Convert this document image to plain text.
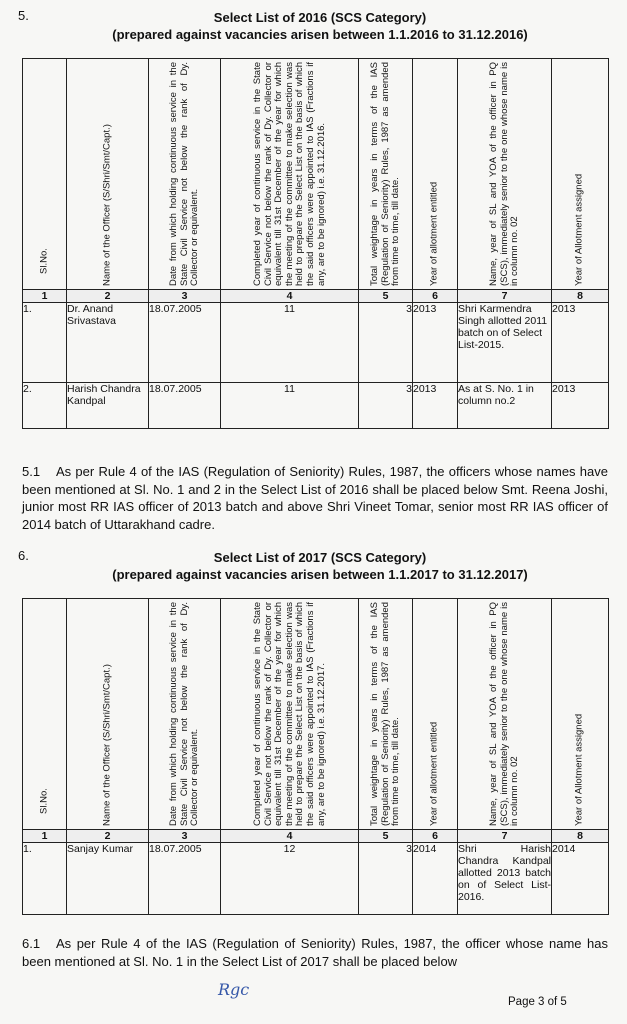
5.	Select List of 2016 (SCS Category)
(prepared against vacancies arisen between 1.1.2016 to 31.12.2016)
Sl.No.	Name of the Officer (S/Shri/Smt/Capt.)	Date from which holding continuous service in the State Civil Service not below the rank of Dy. Collector or equivalent.	Completed year of continuous service in the State Civil Service not below the rank of Dy. Collector or equivalent till 31st December of the year for which the meeting of the committee to make selection was held to prepare the Select List on the basis of which the said officers were appointed to IAS (Fractions if any, are to be ignored) i.e. 31.12.2016.	Total weightage in years in terms of the IAS (Regulation of Seniority) Rules, 1987 as amended from time to time, till date.	Year of allotment entitled	Name, year of SL and YOA of the officer in PQ (SCS), immediately senior to the one whose name is in column no. 02	Year of Allotment assigned

1	2	3	4	5	6	7	8
1.	Dr. Anand Srivastava	18.07.2005	11	3	2013	Shri Karmendra Singh allotted 2011 batch on of Select List-2015.	2013
2.	Harish Chandra Kandpal	18.07.2005	11	3	2013	As at S. No. 1 in column no.2	2013
5.1 As per Rule 4 of the IAS (Regulation of Seniority) Rules, 1987, the officers whose names have been mentioned at Sl. No. 1 and 2 in the Select List of 2016 shall be placed below Smt. Reena Joshi, junior most RR IAS officer of 2013 batch and above Shri Vineet Tomar, senior most RR IAS officer of 2014 batch of Uttarakhand cadre.
6.	Select List of 2017 (SCS Category)
(prepared against vacancies arisen between 1.1.2017 to 31.12.2017)
Sl.No.	Name of the Officer (S/Shri/Smt/Capt.)	Date from which holding continuous service in the State Civil Service not below the rank of Dy. Collector or equivalent.	Completed year of continuous service in the State Civil Service not below the rank of Dy. Collector or equivalent till 31st December of the year for which the meeting of the committee to make selection was held to prepare the Select List on the basis of which the said officers were appointed to IAS (Fractions if any, are to be ignored) i.e. 31.12.2017.	Total weightage in years in terms of the IAS (Regulation of Seniority) Rules, 1987 as amended from time to time, till date.	Year of allotment entitled	Name, year of SL and YOA of the officer in PQ (SCS), immediately senior to the one whose name is in column no. 02	Year of Allotment assigned

1	2	3	4	5	6	7	8
1.	Sanjay Kumar	18.07.2005	12	3	2014	Shri Harish Chandra Kandpal allotted 2013 batch on of Select List-2016.	2014
6.1 As per Rule 4 of the IAS (Regulation of Seniority) Rules, 1987, the officer whose name has been mentioned at Sl. No. 1 in the Select List of 2017 shall be placed below
Rgc
Page 3 of 5
